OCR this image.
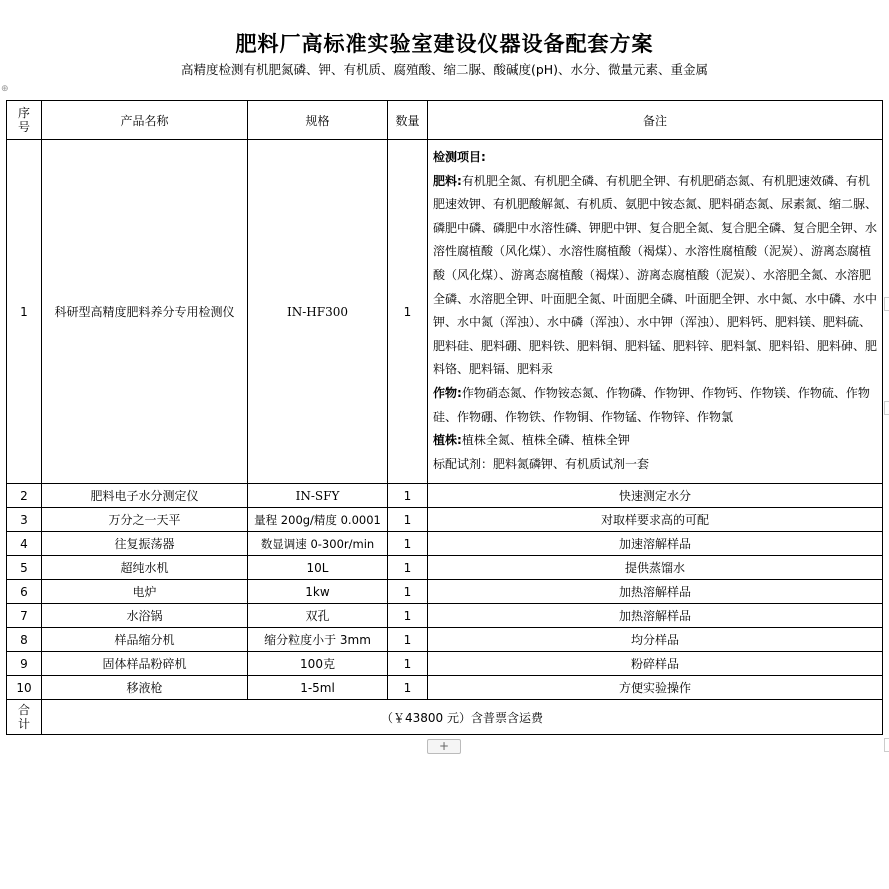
肥料厂高标准实验室建设仪器设备配套方案
高精度检测有机肥氮磷、钾、有机质、腐殖酸、缩二脲、酸碱度(pH)、水分、微量元素、重金属
⊕
序号	产品名称	规格	数量	备注
1	科研型高精度肥料养分专用检测仪	IN-HF300	1	检测项目:
肥料:有机肥全氮、有机肥全磷、有机肥全钾、有机肥硝态氮、有机肥速效磷、有机肥速效钾、有机肥酸解氮、有机质、氨肥中铵态氮、肥料硝态氮、尿素氮、缩二脲、磷肥中磷、磷肥中水溶性磷、钾肥中钾、复合肥全氮、复合肥全磷、复合肥全钾、水溶性腐植酸（风化煤）、水溶性腐植酸（褐煤）、水溶性腐植酸（泥炭）、游离态腐植酸（风化煤）、游离态腐植酸（褐煤）、游离态腐植酸（泥炭）、水溶肥全氮、水溶肥全磷、水溶肥全钾、叶面肥全氮、叶面肥全磷、叶面肥全钾、水中氮、水中磷、水中钾、水中氮（浑浊）、水中磷（浑浊）、水中钾（浑浊）、肥料钙、肥料镁、肥料硫、肥料硅、肥料硼、肥料铁、肥料铜、肥料锰、肥料锌、肥料氯、肥料铅、肥料砷、肥料铬、肥料镉、肥料汞
作物:作物硝态氮、作物铵态氮、作物磷、作物钾、作物钙、作物镁、作物硫、作物硅、作物硼、作物铁、作物铜、作物锰、作物锌、作物氯
植株:植株全氮、植株全磷、植株全钾
标配试剂：肥料氮磷钾、有机质试剂一套

2	肥料电子水分测定仪	IN-SFY	1	快速测定水分
3	万分之一天平	量程 200g/精度 0.0001	1	对取样要求高的可配
4	往复振荡器	数显调速 0-300r/min	1	加速溶解样品
5	超纯水机	10L	1	提供蒸馏水
6	电炉	1kw	1	加热溶解样品
7	水浴锅	双孔	1	加热溶解样品
8	样品缩分机	缩分粒度小于 3mm	1	均分样品
9	固体样品粉碎机	100克	1	粉碎样品
10	移液枪	1-5ml	1	方便实验操作
合计	（￥43800 元）含普票含运费			
+
